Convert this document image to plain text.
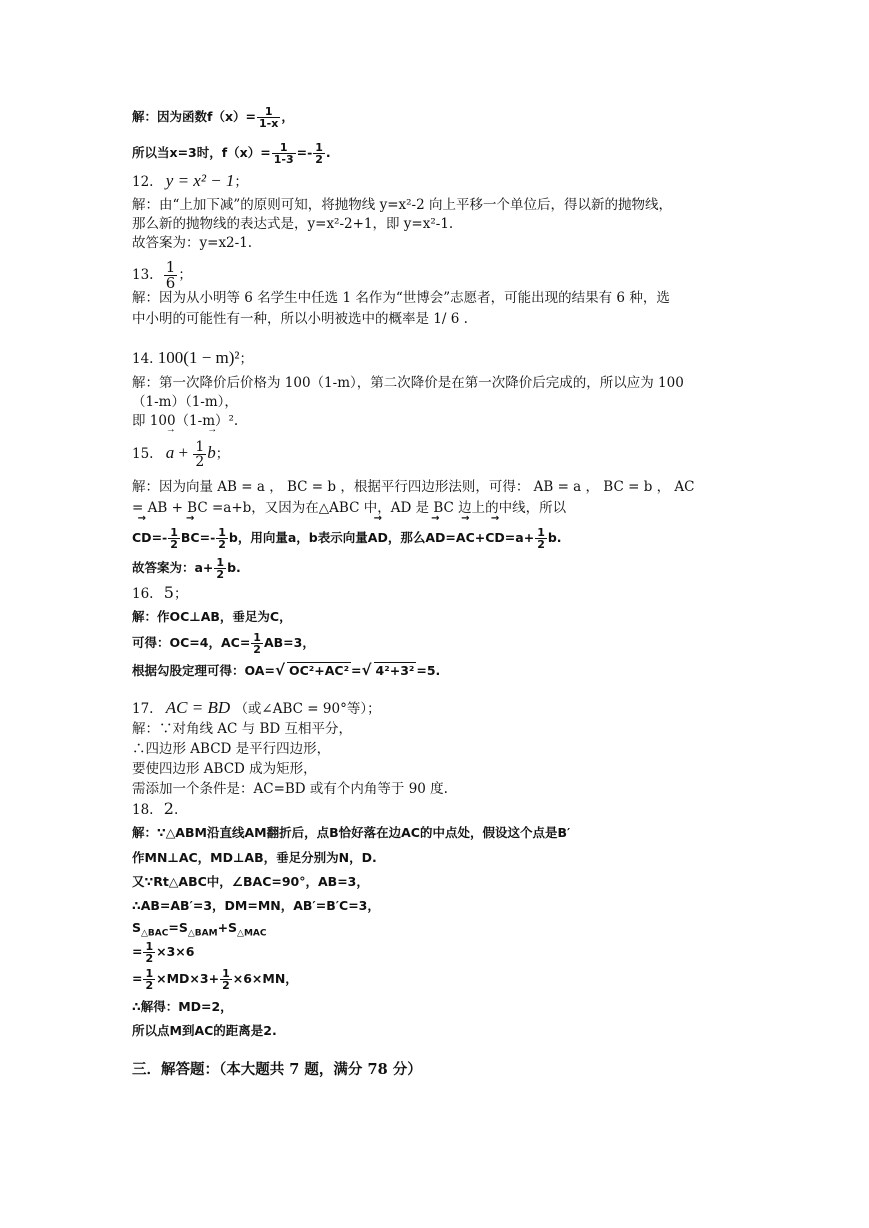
解：因为函数$f(x)= \frac{1}{1-x}$ ，
所以当x=3时，$f(x)= \frac{1}{1-3} =- \frac{1}{2}$ .
12. y = x² − 1；
解：由“上加下减”的原则可知，将抛物线 y=x²-2 向上平移一个单位后，得以新的抛物线，
那么新的抛物线的表达式是，y=x²-2+1，即 y=x²-1.
故答案为：y=x2-1.
13. $\frac{1}{6}$ ；
解：因为从小明等 6 名学生中任选 1 名作为“世博会”志愿者，可能出现的结果有 6 种，选
中小明的可能性有一种，所以小明被选中的概率是 1/ 6 .
14. 100(1 − m)²；
解：第一次降价后价格为 100（1-m），第二次降价是在第一次降价后完成的，所以应为 100
（1-m）（1-m），
即 100（1-m）².
15. → $a + \frac{1}{2}$
→ b；
解：因为向量 AB = a ， BC = b ，根据平行四边形法则，可得： AB = a ， BC = b ， AC
= AB + BC =a+b，又因为在△ABC 中，AD 是 BC 边上的中线，所以
→ $CD=- \frac{1}{2}$
→ $BC=- \frac{1}{2}$ b，用向量a，b表示向量→ AD，那么→ $AD=\to AC+\to CD=a+ \frac{1}{2} b$.
故答案为：$a+ \frac{1}{2} b$.
16. 5；
解：作OC⊥AB，垂足为C，
可得：OC=4，$AC= \frac{1}{2} AB=3$，
根据勾股定理可得：OA=√ OC²+AC² =√ 4²+3² =5.
17. AC = BD （或∠ABC = 90°等）；
解：∵对角线 AC 与 BD 互相平分，
∴四边形 ABCD 是平行四边形，
要使四边形 ABCD 成为矩形，
需添加一个条件是：AC=BD 或有个内角等于 90 度.
18. 2.
解：∵△ABM沿直线AM翻折后，点B恰好落在边AC的中点处，假设这个点是B′
作MN⊥AC，MD⊥AB，垂足分别为N，D.
又∵Rt△ABC中，∠BAC=90°，AB=3，
∴AB=AB′=3，DM=MN，AB′=B′C=3，
$S_{\triangle BAC}=S_{\triangle BAM}+S_{\triangle MAC}$
= $\frac{1}{2} \times 3\times 6$
= $\frac{1}{2} \times MD\times 3+ \frac{1}{2} \times 6\times MN$，
∴解得：MD=2，
所以点M到AC的距离是2.
三．解答题：（本大题共 7 题，满分 78 分）
